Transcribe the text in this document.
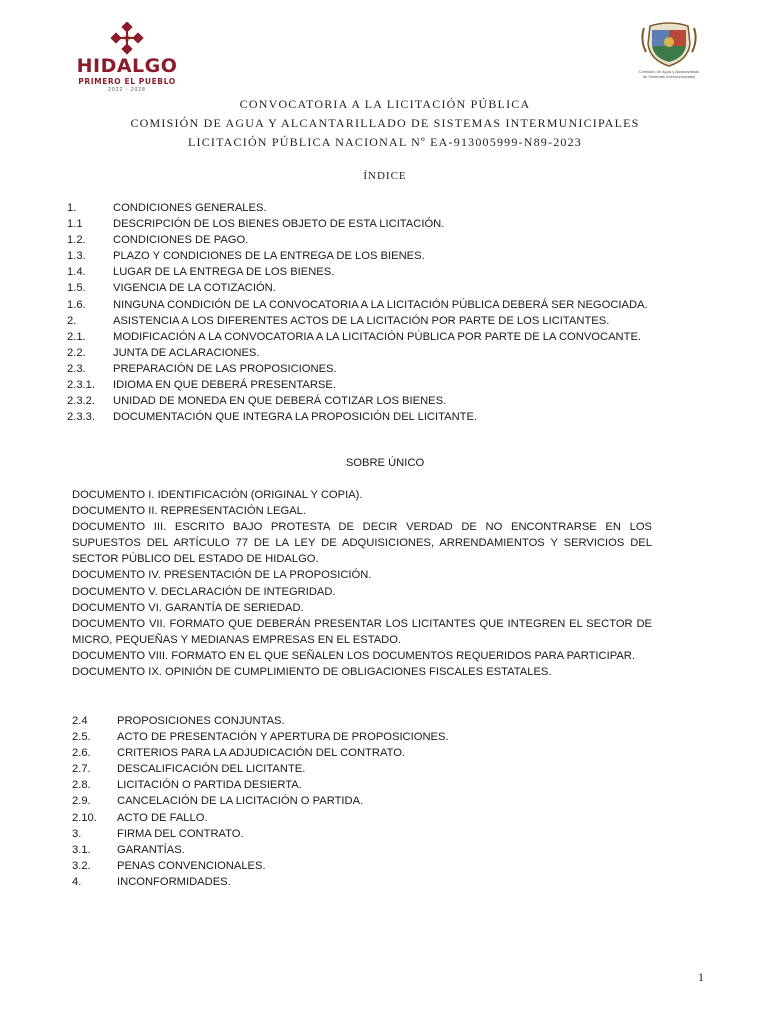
HIDALGO
PRIMERO EL PUEBLO
2022 · 2028
Comisión de Agua y Alcantarillado de Sistemas Intermunicipales
CONVOCATORIA A LA LICITACIÓN PÚBLICA
COMISIÓN DE AGUA Y ALCANTARILLADO DE SISTEMAS INTERMUNICIPALES
LICITACIÓN PÚBLICA NACIONAL Nº EA-913005999-N89-2023
ÍNDICE
1.	CONDICIONES GENERALES.
1.1	DESCRIPCIÓN DE LOS BIENES OBJETO DE ESTA LICITACIÓN.
1.2.	CONDICIONES DE PAGO.
1.3.	PLAZO Y CONDICIONES DE LA ENTREGA DE LOS BIENES.
1.4.	LUGAR DE LA ENTREGA DE LOS BIENES.
1.5.	VIGENCIA DE LA COTIZACIÓN.
1.6.	NINGUNA CONDICIÓN DE LA CONVOCATORIA A LA LICITACIÓN PÚBLICA DEBERÁ SER NEGOCIADA.
2.	ASISTENCIA A LOS DIFERENTES ACTOS DE LA LICITACIÓN POR PARTE DE LOS LICITANTES.
2.1.	MODIFICACIÓN A LA CONVOCATORIA A LA LICITACIÓN PÚBLICA POR PARTE DE LA CONVOCANTE.
2.2.	JUNTA DE ACLARACIONES.
2.3.	PREPARACIÓN DE LAS PROPOSICIONES.
2.3.1.	IDIOMA EN QUE DEBERÁ PRESENTARSE.
2.3.2.	UNIDAD DE MONEDA EN QUE DEBERÁ COTIZAR LOS BIENES.
2.3.3.	DOCUMENTACIÓN QUE INTEGRA LA PROPOSICIÓN DEL LICITANTE.
SOBRE ÚNICO

DOCUMENTO I. IDENTIFICACIÓN (ORIGINAL Y COPIA).

DOCUMENTO II. REPRESENTACIÓN LEGAL.

DOCUMENTO III. ESCRITO BAJO PROTESTA DE DECIR VERDAD DE NO ENCONTRARSE EN LOS SUPUESTOS DEL ARTÍCULO 77 DE LA LEY DE ADQUISICIONES, ARRENDAMIENTOS Y SERVICIOS DEL SECTOR PÚBLICO DEL ESTADO DE HIDALGO.

DOCUMENTO IV. PRESENTACIÓN DE LA PROPOSICIÓN.

DOCUMENTO V. DECLARACIÓN DE INTEGRIDAD.

DOCUMENTO VI. GARANTÍA DE SERIEDAD.

DOCUMENTO VII. FORMATO QUE DEBERÁN PRESENTAR LOS LICITANTES QUE INTEGREN EL SECTOR DE MICRO, PEQUEÑAS Y MEDIANAS EMPRESAS EN EL ESTADO.

DOCUMENTO VIII. FORMATO EN EL QUE SEÑALEN LOS DOCUMENTOS REQUERIDOS PARA PARTICIPAR.

DOCUMENTO IX. OPINIÓN DE CUMPLIMIENTO DE OBLIGACIONES FISCALES ESTATALES.

2.4	PROPOSICIONES CONJUNTAS.
2.5.	ACTO DE PRESENTACIÓN Y APERTURA DE PROPOSICIONES.
2.6.	CRITERIOS PARA LA ADJUDICACIÓN DEL CONTRATO.
2.7.	DESCALIFICACIÓN DEL LICITANTE.
2.8.	LICITACIÓN O PARTIDA DESIERTA.
2.9.	CANCELACIÓN DE LA LICITACIÓN O PARTIDA.
2.10.	ACTO DE FALLO.
3.	FIRMA DEL CONTRATO.
3.1.	GARANTÍAS.
3.2.	PENAS CONVENCIONALES.
4.	INCONFORMIDADES.
1
